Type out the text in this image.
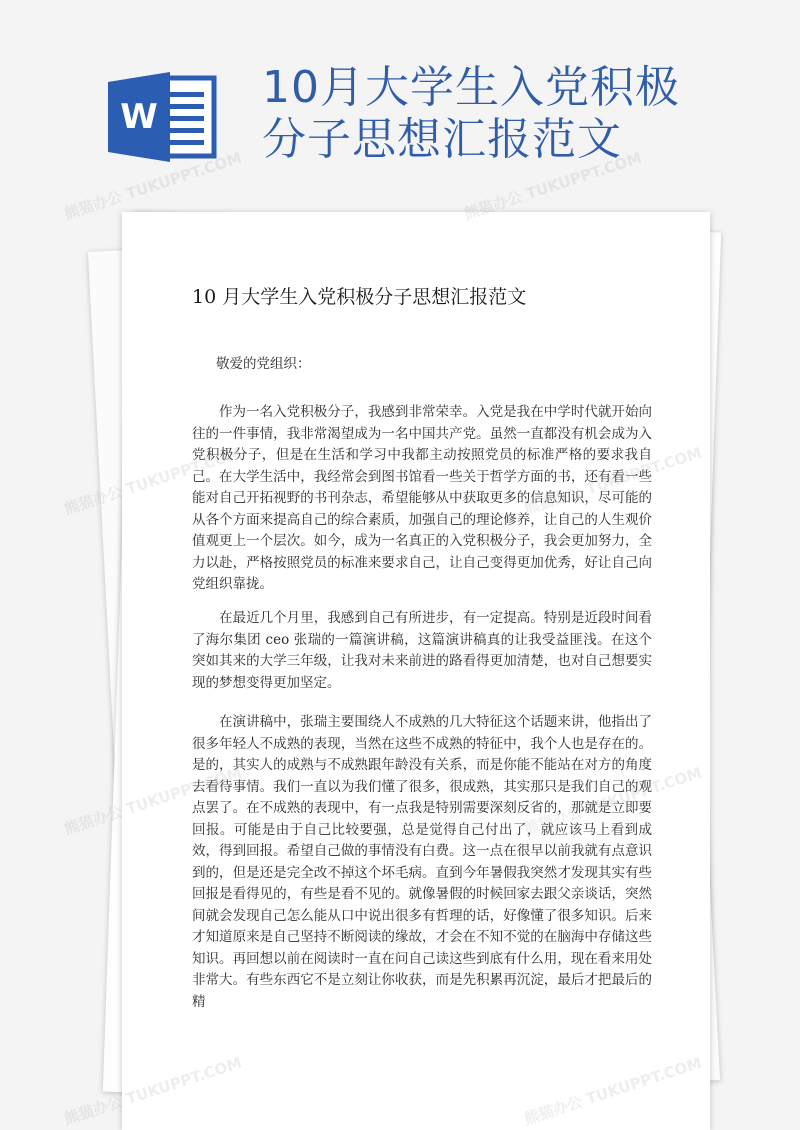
W
10月大学生入党积极
分子思想汇报范文
10 月大学生入党积极分子思想汇报范文
敬爱的党组织：

作为一名入党积极分子，我感到非常荣幸。入党是我在中学时代就开始向往的一件事情，我非常渴望成为一名中国共产党。虽然一直都没有机会成为入党积极分子，但是在生活和学习中我都主动按照党员的标准严格的要求我自己。在大学生活中，我经常会到图书馆看一些关于哲学方面的书，还有看一些能对自己开拓视野的书刊杂志，希望能够从中获取更多的信息知识，尽可能的从各个方面来提高自己的综合素质，加强自己的理论修养，让自己的人生观价值观更上一个层次。如今，成为一名真正的入党积极分子，我会更加努力，全力以赴，严格按照党员的标准来要求自己，让自己变得更加优秀，好让自己向党组织靠拢。

在最近几个月里，我感到自己有所进步，有一定提高。特别是近段时间看了海尔集团 ceo 张瑞的一篇演讲稿，这篇演讲稿真的让我受益匪浅。在这个突如其来的大学三年级，让我对未来前进的路看得更加清楚，也对自己想要实现的梦想变得更加坚定。

在演讲稿中，张瑞主要围绕人不成熟的几大特征这个话题来讲，他指出了很多年轻人不成熟的表现，当然在这些不成熟的特征中，我个人也是存在的。是的，其实人的成熟与不成熟跟年龄没有关系，而是你能不能站在对方的角度去看待事情。我们一直以为我们懂了很多，很成熟，其实那只是我们自己的观点罢了。在不成熟的表现中，有一点我是特别需要深刻反省的，那就是立即要回报。可能是由于自己比较要强，总是觉得自己付出了，就应该马上看到成效，得到回报。希望自己做的事情没有白费。这一点在很早以前我就有点意识到的，但是还是完全改不掉这个坏毛病。直到今年暑假我突然才发现其实有些回报是看得见的，有些是看不见的。就像暑假的时候回家去跟父亲谈话，突然间就会发现自己怎么能从口中说出很多有哲理的话，好像懂了很多知识。后来才知道原来是自己坚持不断阅读的缘故，才会在不知不觉的在脑海中存储这些知识。再回想以前在阅读时一直在问自己读这些到底有什么用，现在看来用处非常大。有些东西它不是立刻让你收获，而是先积累再沉淀，最后才把最后的精

熊猫办公 TUKUPPT.COM	熊猫办公 TUKUPPT.COM
熊猫办公
熊猫办公
熊猫办公
